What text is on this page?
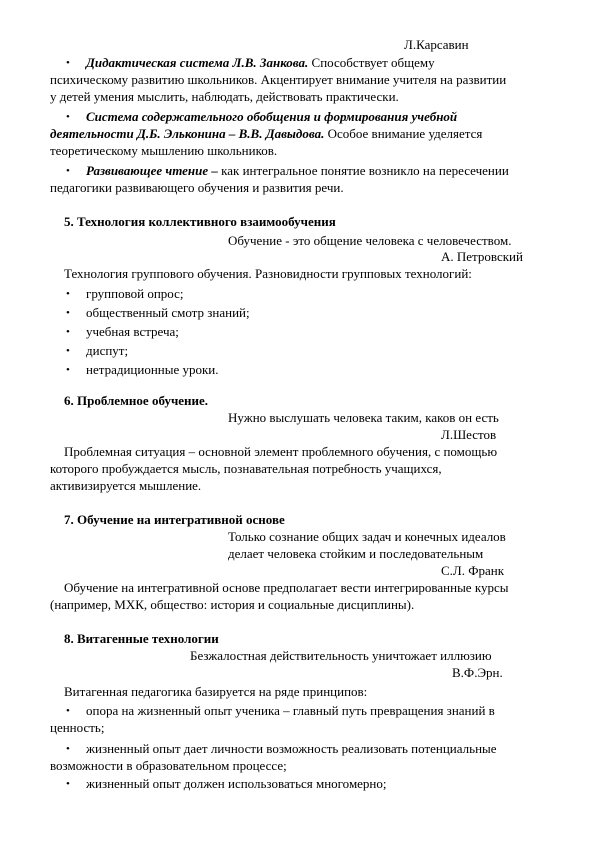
Л.Карсавин
• Дидактическая система Л.В. Занкова. Способствует общему
психическому развитию школьников. Акцентирует внимание учителя на развитии
у детей умения мыслить, наблюдать, действовать практически.
• Система содержательного обобщения и формирования учебной
деятельности Д.Б. Эльконина – В.В. Давыдова. Особое внимание уделяется
теоретическому мышлению школьников.
• Развивающее чтение – как интегральное понятие возникло на пересечении
педагогики развивающего обучения и развития речи.
5. Технология коллективного взаимообучения
Обучение - это общение человека с человечеством.
А. Петровский
Технология группового обучения. Разновидности групповых технологий:
• групповой опрос;
• общественный смотр знаний;
• учебная встреча;
• диспут;
• нетрадиционные уроки.
6. Проблемное обучение.
Нужно выслушать человека таким, каков он есть
Л.Шестов
Проблемная ситуация – основной элемент проблемного обучения, с помощью
которого пробуждается мысль, познавательная потребность учащихся,
активизируется мышление.
7. Обучение на интегративной основе
Только сознание общих задач и конечных идеалов
делает человека стойким и последовательным
С.Л. Франк
Обучение на интегративной основе предполагает вести интегрированные курсы
(например, МХК, общество: история и социальные дисциплины).
8. Витагенные технологии
Безжалостная действительность уничтожает иллюзию
В.Ф.Эрн.
Витагенная педагогика базируется на ряде принципов:
• опора на жизненный опыт ученика – главный путь превращения знаний в
ценность;
• жизненный опыт дает личности возможность реализовать потенциальные
возможности в образовательном процессе;
• жизненный опыт должен использоваться многомерно;
